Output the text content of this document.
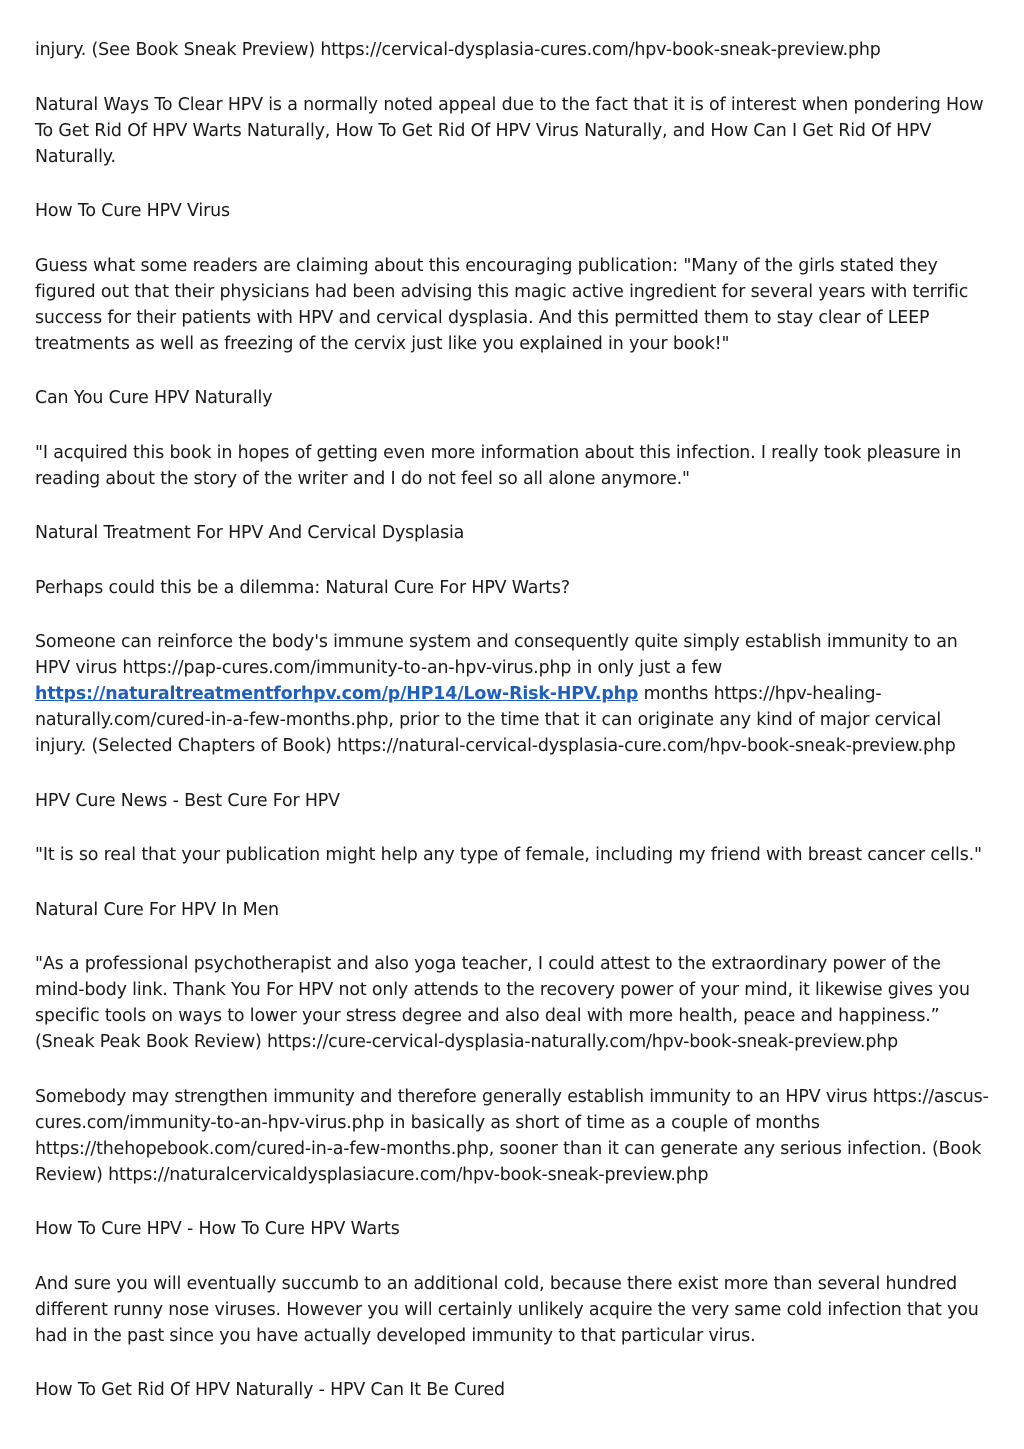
injury. (See Book Sneak Preview) https://cervical-dysplasia-cures.com/hpv-book-sneak-preview.php

Natural Ways To Clear HPV is a normally noted appeal due to the fact that it is of interest when pondering How To Get Rid Of HPV Warts Naturally, How To Get Rid Of HPV Virus Naturally, and How Can I Get Rid Of HPV Naturally.

How To Cure HPV Virus

Guess what some readers are claiming about this encouraging publication: "Many of the girls stated they figured out that their physicians had been advising this magic active ingredient for several years with terrific success for their patients with HPV and cervical dysplasia. And this permitted them to stay clear of LEEP treatments as well as freezing of the cervix just like you explained in your book!"

Can You Cure HPV Naturally

"I acquired this book in hopes of getting even more information about this infection. I really took pleasure in reading about the story of the writer and I do not feel so all alone anymore."

Natural Treatment For HPV And Cervical Dysplasia

Perhaps could this be a dilemma: Natural Cure For HPV Warts?

Someone can reinforce the body's immune system and consequently quite simply establish immunity to an HPV virus https://pap-cures.com/immunity-to-an-hpv-virus.php in only just a few https://naturaltreatmentforhpv.com/p/HP14/Low-Risk-HPV.php months https://hpv-healing-naturally.com/cured-in-a-few-months.php, prior to the time that it can originate any kind of major cervical injury. (Selected Chapters of Book) https://natural-cervical-dysplasia-cure.com/hpv-book-sneak-preview.php

HPV Cure News - Best Cure For HPV

"It is so real that your publication might help any type of female, including my friend with breast cancer cells."

Natural Cure For HPV In Men

"As a professional psychotherapist and also yoga teacher, I could attest to the extraordinary power of the mind-body link. Thank You For HPV not only attends to the recovery power of your mind, it likewise gives you specific tools on ways to lower your stress degree and also deal with more health, peace and happiness.” (Sneak Peak Book Review) https://cure-cervical-dysplasia-naturally.com/hpv-book-sneak-preview.php

Somebody may strengthen immunity and therefore generally establish immunity to an HPV virus https://ascus-cures.com/immunity-to-an-hpv-virus.php in basically as short of time as a couple of months https://thehopebook.com/cured-in-a-few-months.php, sooner than it can generate any serious infection. (Book Review) https://naturalcervicaldysplasiacure.com/hpv-book-sneak-preview.php

How To Cure HPV - How To Cure HPV Warts

And sure you will eventually succumb to an additional cold, because there exist more than several hundred different runny nose viruses. However you will certainly unlikely acquire the very same cold infection that you had in the past since you have actually developed immunity to that particular virus.

How To Get Rid Of HPV Naturally - HPV Can It Be Cured
